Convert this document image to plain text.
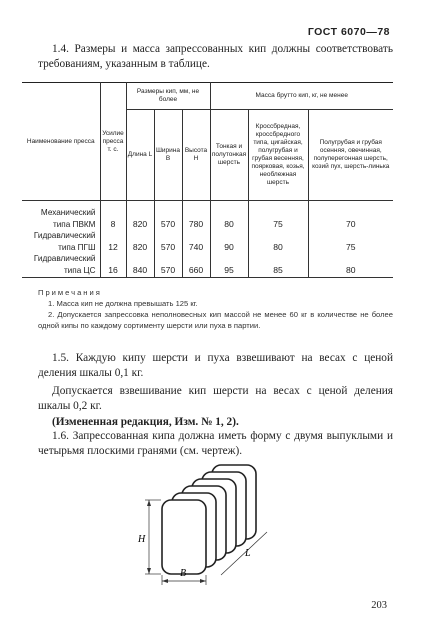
ГОСТ 6070—78
1.4. Размеры и масса запрессованных кип должны соответствовать требованиям, указанным в таблице.
Наименование пресса	Усилие пресса т. с.	Размеры кип, мм, не более			Масса брутто кип, кг, не менее		
		Длина L	Ширина B	Высота H	Тонкая и полутонкая шерсть	Кроссбредная, кроссбредного типа, цигайская, полугрубая и грубая весенняя, поярковая, козья, необлежная шерсть	Полугрубая и грубая осенняя, овечинная, полуперегонная шерсть, козий пух, шерсть-линька
Механический типа ПВКМ	8	820	570	780	80	75	70
Гидравлический типа ПГШ	12	820	570	740	90	80	75
Гидравлический типа ЦС	16	840	570	660	95	85	80
Примечания
1. Масса кип не должна превышать 125 кг.
2. Допускается запрессовка неполновесных кип массой не менее 60 кг в количестве не более одной кипы по каждому сортименту шерсти или пуха в партии.
1.5. Каждую кипу шерсти и пуха взвешивают на весах с ценой деления шкалы 0,1 кг.
Допускается взвешивание кип шерсти на весах с ценой деления шкалы 0,2 кг.
(Измененная редакция, Изм. № 1, 2).
1.6. Запрессованная кипа должна иметь форму с двумя выпуклыми и четырьмя плоскими гранями (см. чертеж).
H
B
L
203
